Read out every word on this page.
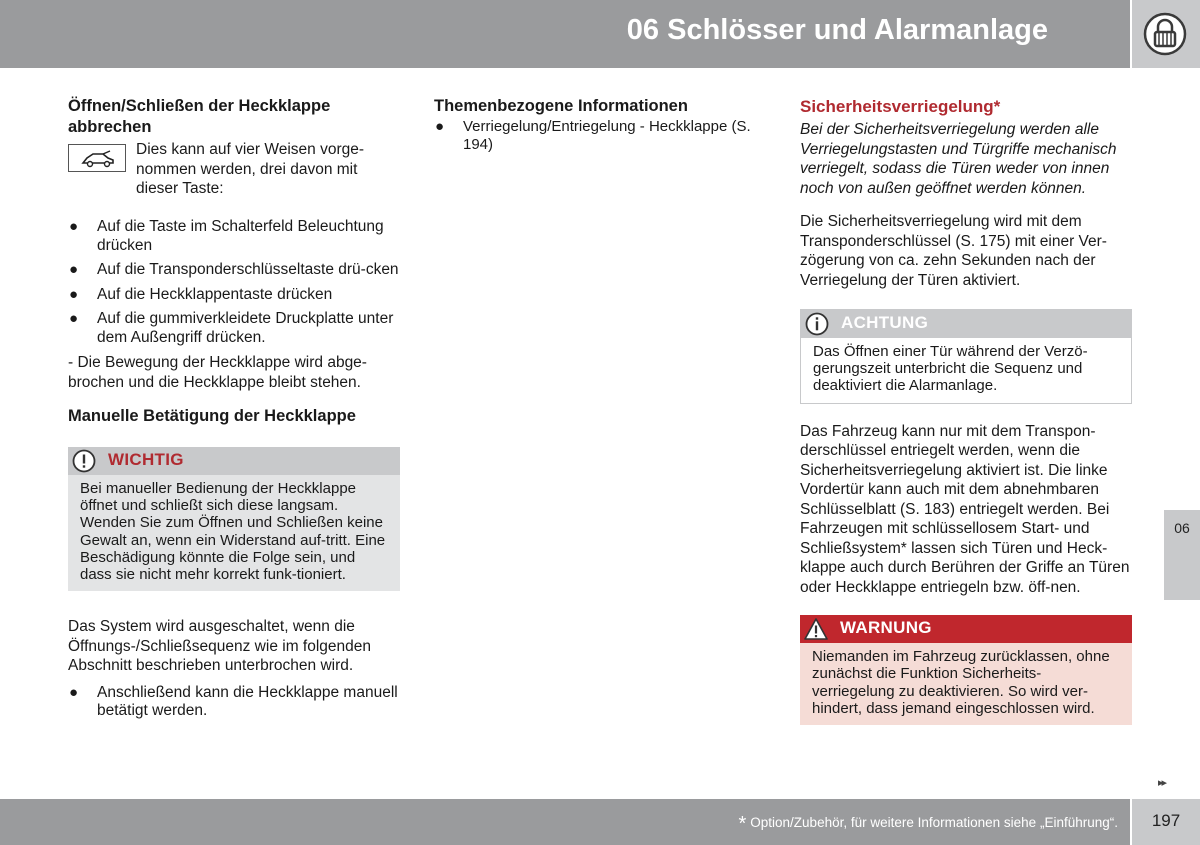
06 Schlösser und Alarmanlage
06
Öffnen/Schließen der Heckklappe abbrechen
Dies kann auf vier Weisen vorge-nommen werden, drei davon mit dieser Taste:
● Auf die Taste im Schalterfeld Beleuchtung drücken
● Auf die Transponderschlüsseltaste drü-cken
● Auf die Heckklappentaste drücken
● Auf die gummiverkleidete Druckplatte unter dem Außengriff drücken.
- Die Bewegung der Heckklappe wird abge-brochen und die Heckklappe bleibt stehen.
Manuelle Betätigung der Heckklappe
WICHTIG
Bei manueller Bedienung der Heckklappe öffnet und schließt sich diese langsam. Wenden Sie zum Öffnen und Schließen keine Gewalt an, wenn ein Widerstand auf-tritt. Eine Beschädigung könnte die Folge sein, und dass sie nicht mehr korrekt funk-tioniert.
Das System wird ausgeschaltet, wenn die Öffnungs-/Schließsequenz wie im folgenden Abschnitt beschrieben unterbrochen wird.
● Anschließend kann die Heckklappe manuell betätigt werden.
Themenbezogene Informationen
● Verriegelung/Entriegelung - Heckklappe (S. 194)
Sicherheitsverriegelung*
Bei der Sicherheitsverriegelung werden alle Verriegelungstasten und Türgriffe mechanisch verriegelt, sodass die Türen weder von innen noch von außen geöffnet werden können.
Die Sicherheitsverriegelung wird mit dem Transponderschlüssel (S. 175) mit einer Ver-zögerung von ca. zehn Sekunden nach der Verriegelung der Türen aktiviert.
ACHTUNG
Das Öffnen einer Tür während der Verzö-gerungszeit unterbricht die Sequenz und deaktiviert die Alarmanlage.
Das Fahrzeug kann nur mit dem Transpon-derschlüssel entriegelt werden, wenn die Sicherheitsverriegelung aktiviert ist. Die linke Vordertür kann auch mit dem abnehmbaren Schlüsselblatt (S. 183) entriegelt werden. Bei Fahrzeugen mit schlüssellosem Start- und Schließsystem* lassen sich Türen und Heck-klappe auch durch Berühren der Griffe an Türen oder Heckklappe entriegeln bzw. öff-nen.
WARNUNG
Niemanden im Fahrzeug zurücklassen, ohne zunächst die Funktion Sicherheits-verriegelung zu deaktivieren. So wird ver-hindert, dass jemand eingeschlossen wird.
▸▸
* Option/Zubehör, für weitere Informationen siehe „Einführung“.	197
